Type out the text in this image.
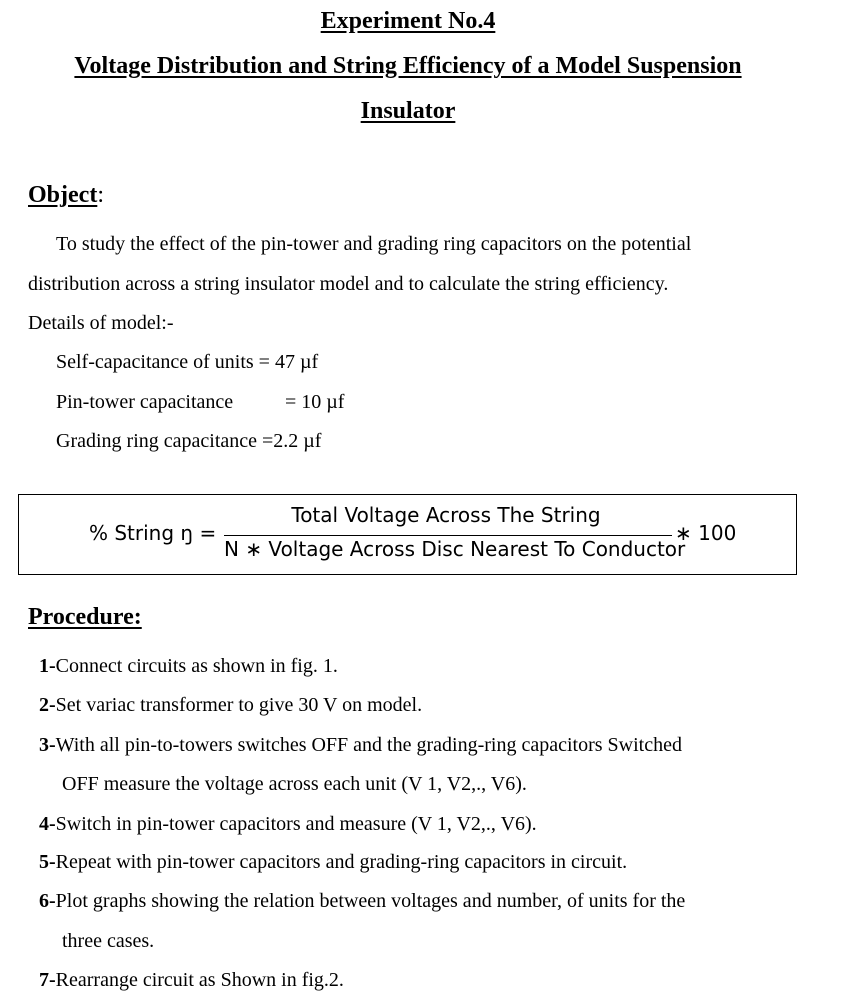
Experiment No.4
Voltage Distribution and String Efficiency of a Model Suspension
Insulator
Object:
To study the effect of the pin-tower and grading ring capacitors on the potential
distribution across a string insulator model and to calculate the string efficiency.
Details of model:-
Self-capacitance of units = 47 µf
Pin-tower capacitance	= 10 µf
Grading ring capacitance =2.2 µf
% String ŋ =
Total Voltage Across The String
N ∗ Voltage Across Disc Nearest To Conductor
∗ 100
Procedure:
1-Connect circuits as shown in fig. 1.
2-Set variac transformer to give 30 V on model.
3-With all pin-to-towers switches OFF and the grading-ring capacitors Switched
OFF measure the voltage across each unit (V 1, V2,., V6).
4-Switch in pin-tower capacitors and measure (V 1, V2,., V6).
5-Repeat with pin-tower capacitors and grading-ring capacitors in circuit.
6-Plot graphs showing the relation between voltages and number, of units for the
three cases.
7-Rearrange circuit as Shown in fig.2.
